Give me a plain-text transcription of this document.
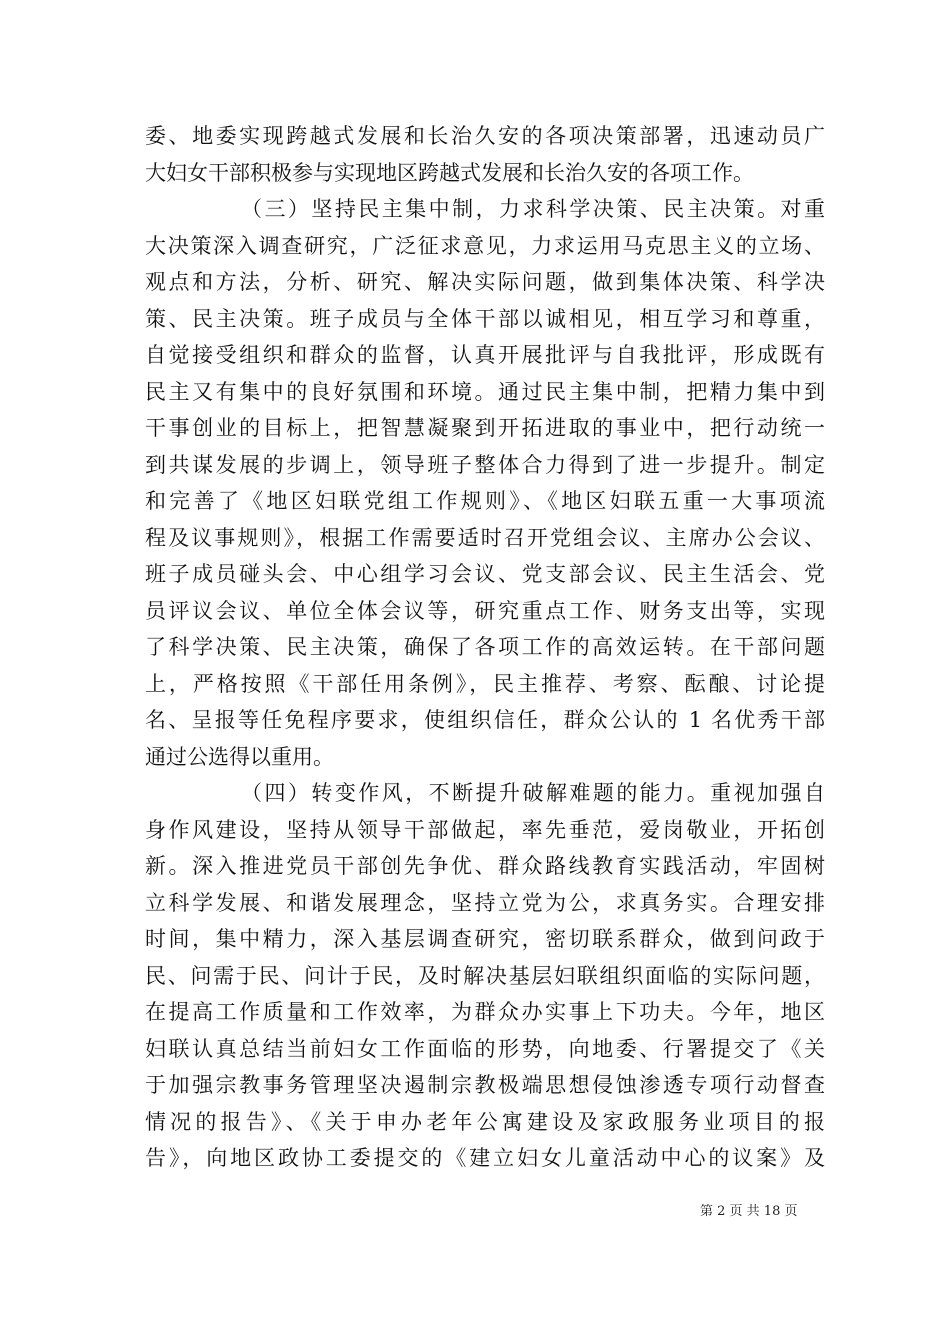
委、地委实现跨越式发展和长治久安的各项决策部署，迅速动员广
大妇女干部积极参与实现地区跨越式发展和长治久安的各项工作。
（三）坚持民主集中制，力求科学决策、民主决策。对重
大决策深入调查研究，广泛征求意见，力求运用马克思主义的立场、
观点和方法，分析、研究、解决实际问题，做到集体决策、科学决
策、民主决策。班子成员与全体干部以诚相见，相互学习和尊重，
自觉接受组织和群众的监督，认真开展批评与自我批评，形成既有
民主又有集中的良好氛围和环境。通过民主集中制，把精力集中到
干事创业的目标上，把智慧凝聚到开拓进取的事业中，把行动统一
到共谋发展的步调上，领导班子整体合力得到了进一步提升。制定
和完善了《地区妇联党组工作规则》、《地区妇联五重一大事项流
程及议事规则》，根据工作需要适时召开党组会议、主席办公会议、
班子成员碰头会、中心组学习会议、党支部会议、民主生活会、党
员评议会议、单位全体会议等，研究重点工作、财务支出等，实现
了科学决策、民主决策，确保了各项工作的高效运转。在干部问题
上，严格按照《干部任用条例》，民主推荐、考察、酝酿、讨论提
名、呈报等任免程序要求，使组织信任，群众公认的 1 名优秀干部
通过公选得以重用。
（四）转变作风，不断提升破解难题的能力。重视加强自
身作风建设，坚持从领导干部做起，率先垂范，爱岗敬业，开拓创
新。深入推进党员干部创先争优、群众路线教育实践活动，牢固树
立科学发展、和谐发展理念，坚持立党为公，求真务实。合理安排
时间，集中精力，深入基层调查研究，密切联系群众，做到问政于
民、问需于民、问计于民，及时解决基层妇联组织面临的实际问题，
在提高工作质量和工作效率，为群众办实事上下功夫。今年，地区
妇联认真总结当前妇女工作面临的形势，向地委、行署提交了《关
于加强宗教事务管理坚决遏制宗教极端思想侵蚀渗透专项行动督查
情况的报告》、《关于申办老年公寓建设及家政服务业项目的报
告》，向地区政协工委提交的《建立妇女儿童活动中心的议案》及
第 2 页 共 18 页
